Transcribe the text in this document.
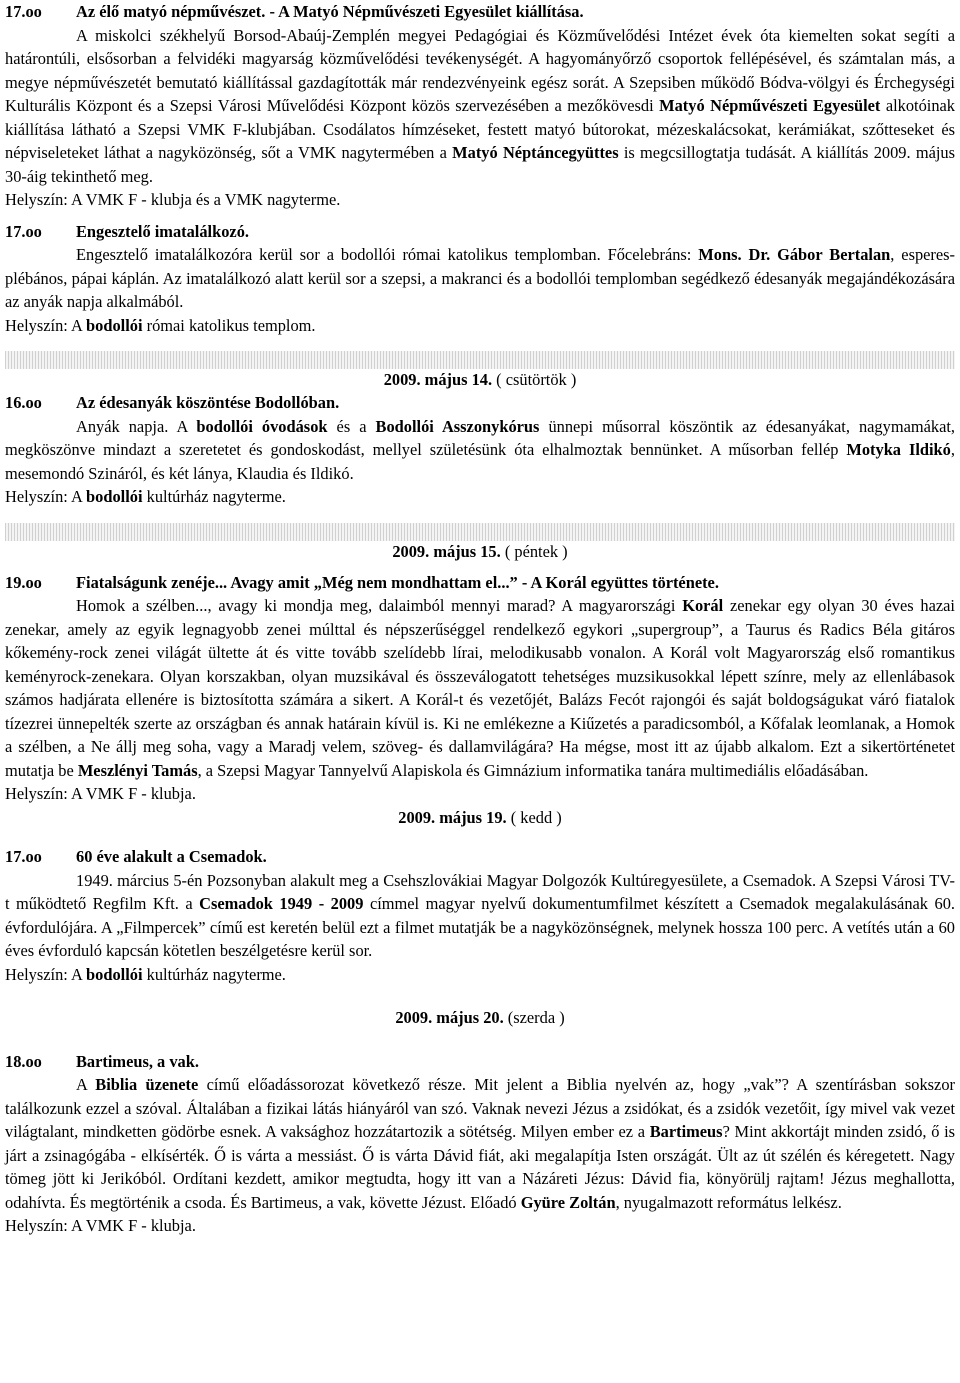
17.oo Az élő matyó népművészet. - A Matyó Népművészeti Egyesület kiállítása.

A miskolci székhelyű Borsod-Abaúj-Zemplén megyei Pedagógiai és Közművelődési Intézet évek óta kiemelten sokat segíti a határontúli, elsősorban a felvidéki magyarság közművelődési tevékenységét. A hagyományőrző csoportok fellépésével, és számtalan más, a megye népművészetét bemutató kiállítással gazdagították már rendezvényeink egész sorát. A Szepsiben működő Bódva-völgyi és Érchegységi Kulturális Központ és a Szepsi Városi Művelődési Központ közös szervezésében a mezőkövesdi Matyó Népművészeti Egyesület alkotóinak kiállítása látható a Szepsi VMK F-klubjában. Csodálatos hímzéseket, festett matyó bútorokat, mézeskalácsokat, kerámiákat, szőtteseket és népviseleteket láthat a nagyközönség, sőt a VMK nagytermében a Matyó Néptáncegyüttes is megcsillogtatja tudását. A kiállítás 2009. május 30-áig tekinthető meg.

Helyszín: A VMK F - klubja és a VMK nagyterme.

17.oo Engesztelő imatalálkozó.

Engesztelő imatalálkozóra kerül sor a bodollói római katolikus templomban. Főcelebráns: Mons. Dr. Gábor Bertalan, esperes-plébános, pápai káplán. Az imatalálkozó alatt kerül sor a szepsi, a makranci és a bodollói templomban segédkező édesanyák megajándékozására az anyák napja alkalmából.

Helyszín: A bodollói római katolikus templom.

2009. május 14. ( csütörtök )

16.oo Az édesanyák köszöntése Bodollóban.

Anyák napja. A bodollói óvodások és a Bodollói Asszonykórus ünnepi műsorral köszöntik az édesanyákat, nagymamákat, megköszönve mindazt a szeretetet és gondoskodást, mellyel születésünk óta elhalmoztak bennünket. A műsorban fellép Motyka Ildikó, mesemondó Szináról, és két lánya, Klaudia és Ildikó.

Helyszín: A bodollói kultúrház nagyterme.

2009. május 15. ( péntek )

19.oo Fiatalságunk zenéje... Avagy amit „Még nem mondhattam el...” - A Korál együttes története.

Homok a szélben..., avagy ki mondja meg, dalaimból mennyi marad? A magyarországi Korál zenekar egy olyan 30 éves hazai zenekar, amely az egyik legnagyobb zenei múlttal és népszerűséggel rendelkező egykori „supergroup”, a Taurus és Radics Béla gitáros kőkemény-rock zenei világát ültette át és vitte tovább szelídebb lírai, melodikusabb vonalon. A Korál volt Magyarország első romantikus keményrock-zenekara. Olyan korszakban, olyan muzsikával és összeválogatott tehetséges muzsikusokkal lépett színre, mely az ellenlábasok számos hadjárata ellenére is biztosította számára a sikert. A Korál-t és vezetőjét, Balázs Fecót rajongói és saját boldogságukat váró fiatalok tízezrei ünnepelték szerte az országban és annak határain kívül is. Ki ne emlékezne a Kiűzetés a paradicsomból, a Kőfalak leomlanak, a Homok a szélben, a Ne állj meg soha, vagy a Maradj velem, szöveg- és dallamvilágára? Ha mégse, most itt az újabb alkalom. Ezt a sikertörténetet mutatja be Meszlényi Tamás, a Szepsi Magyar Tannyelvű Alapiskola és Gimnázium informatika tanára multimediális előadásában.

Helyszín: A VMK F - klubja.

2009. május 19. ( kedd )

17.oo 60 éve alakult a Csemadok.

1949. március 5-én Pozsonyban alakult meg a Csehszlovákiai Magyar Dolgozók Kultúregyesülete, a Csemadok. A Szepsi Városi TV-t működtető Regfilm Kft. a Csemadok 1949 - 2009 címmel magyar nyelvű dokumentumfilmet készített a Csemadok megalakulásának 60. évfordulójára. A „Filmpercek” című est keretén belül ezt a filmet mutatják be a nagyközönségnek, melynek hossza 100 perc. A vetítés után a 60 éves évforduló kapcsán kötetlen beszélgetésre kerül sor.

Helyszín: A bodollói kultúrház nagyterme.

2009. május 20. (szerda )

18.oo Bartimeus, a vak.

A Biblia üzenete című előadássorozat következő része. Mit jelent a Biblia nyelvén az, hogy „vak”? A szentírásban sokszor találkozunk ezzel a szóval. Általában a fizikai látás hiányáról van szó. Vaknak nevezi Jézus a zsidókat, és a zsidók vezetőit, így mivel vak vezet világtalant, mindketten gödörbe esnek. A vaksághoz hozzátartozik a sötétség. Milyen ember ez a Bartimeus? Mint akkortájt minden zsidó, ő is járt a zsinagógába - elkísérték. Ő is várta a messiást. Ő is várta Dávid fiát, aki megalapítja Isten országát. Ült az út szélén és kéregetett. Nagy tömeg jött ki Jerikóból. Ordítani kezdett, amikor megtudta, hogy itt van a Názáreti Jézus: Dávid fia, könyörülj rajtam! Jézus meghallotta, odahívta. És megtörténik a csoda. És Bartimeus, a vak, követte Jézust. Előadó Gyüre Zoltán, nyugalmazott református lelkész.

Helyszín: A VMK F - klubja.
